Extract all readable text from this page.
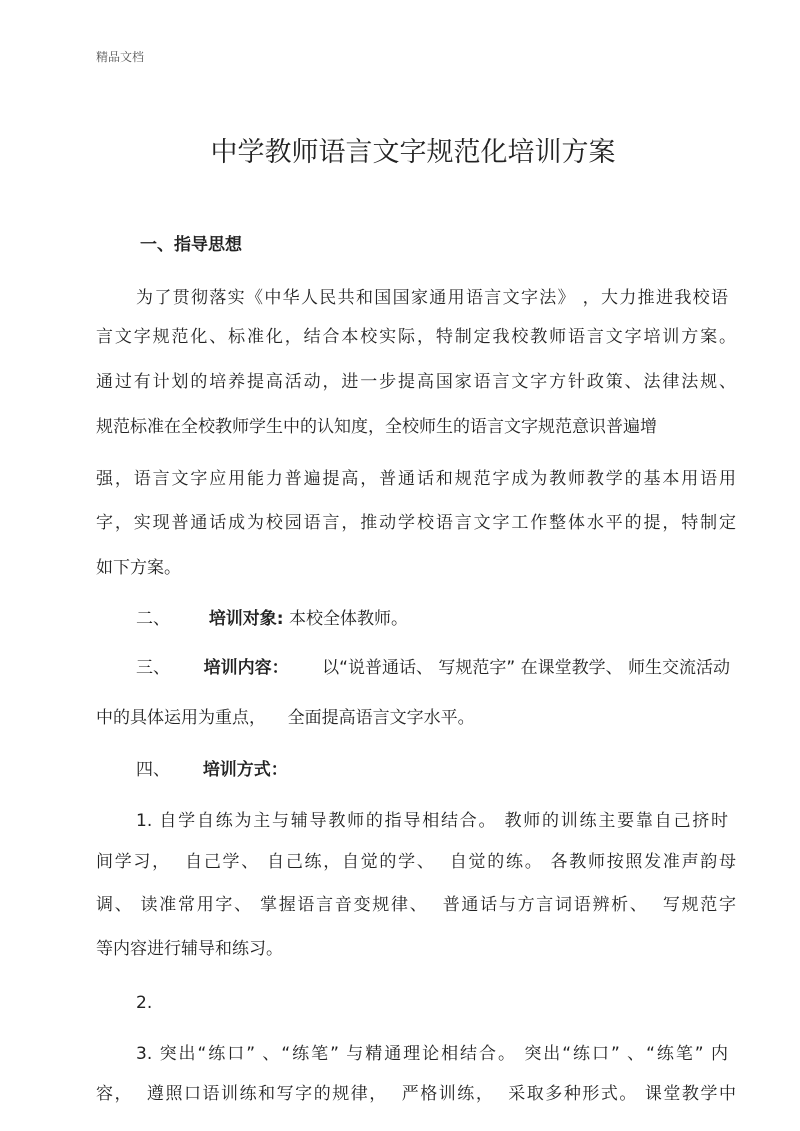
精品文档
中学教师语言文字规范化培训方案
一、指导思想
为了贯彻落实《中华人民共和国国家通用语言文字法》 ，大力推进我校语
言文字规范化、标准化，结合本校实际，特制定我校教师语言文字培训方案。
通过有计划的培养提高活动，进一步提高国家语言文字方针政策、法律法规、
规范标准在全校教师学生中的认知度，全校师生的语言文字规范意识普遍增
强，语言文字应用能力普遍提高，普通话和规范字成为教师教学的基本用语用
字，实现普通话成为校园语言，推动学校语言文字工作整体水平的提，特制定
如下方案。
二、 培训对象: 本校全体教师。
三、 培训内容： 以“说普通话、 写规范字” 在课堂教学、 师生交流活动
中的具体运用为重点，    全面提高语言文字水平。
四、 培训方式：
1. 自学自练为主与辅导教师的指导相结合。 教师的训练主要靠自己挤时
间学习，  自己学、 自己练，自觉的学、  自觉的练。 各教师按照发准声韵母
调、 读准常用字、 掌握语言音变规律、  普通话与方言词语辨析、  写规范字
等内容进行辅导和练习。
2.
3. 突出“练口” 、“练笔” 与精通理论相结合。 突出“练口” 、“练笔” 内
容，  遵照口语训练和写字的规律，  严格训练，  采取多种形式。 课堂教学中
